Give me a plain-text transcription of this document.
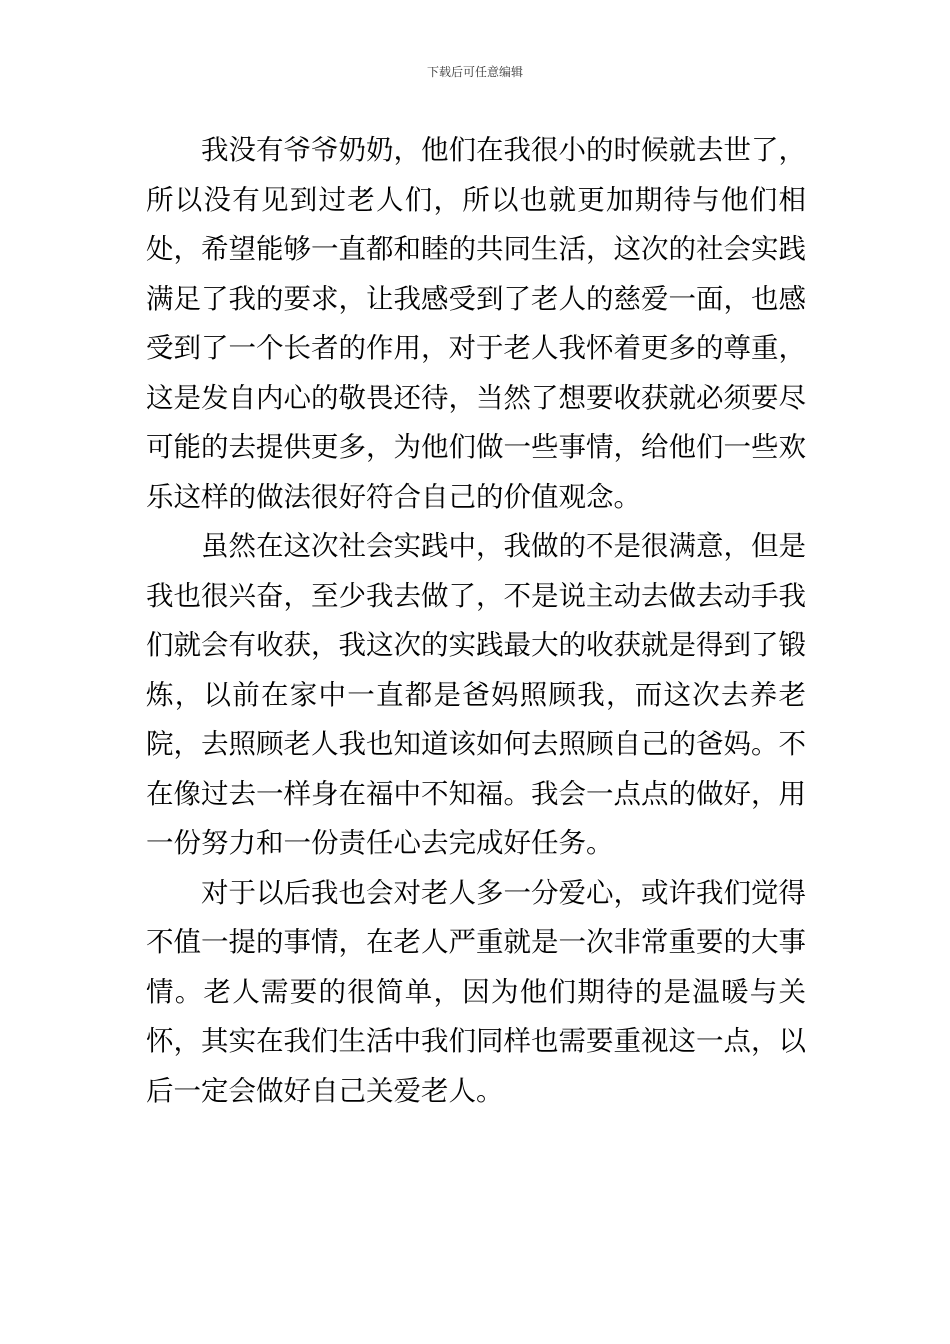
下载后可任意编辑

我没有爷爷奶奶，他们在我很小的时候就去世了，所以没有见到过老人们，所以也就更加期待与他们相处，希望能够一直都和睦的共同生活，这次的社会实践满足了我的要求，让我感受到了老人的慈爱一面，也感受到了一个长者的作用，对于老人我怀着更多的尊重，这是发自内心的敬畏还待，当然了想要收获就必须要尽可能的去提供更多，为他们做一些事情，给他们一些欢乐这样的做法很好符合自己的价值观念。

虽然在这次社会实践中，我做的不是很满意，但是我也很兴奋，至少我去做了，不是说主动去做去动手我们就会有收获，我这次的实践最大的收获就是得到了锻炼，以前在家中一直都是爸妈照顾我，而这次去养老院，去照顾老人我也知道该如何去照顾自己的爸妈。不在像过去一样身在福中不知福。我会一点点的做好，用一份努力和一份责任心去完成好任务。

对于以后我也会对老人多一分爱心，或许我们觉得不值一提的事情，在老人严重就是一次非常重要的大事情。老人需要的很简单，因为他们期待的是温暖与关怀，其实在我们生活中我们同样也需要重视这一点，以后一定会做好自己关爱老人。
